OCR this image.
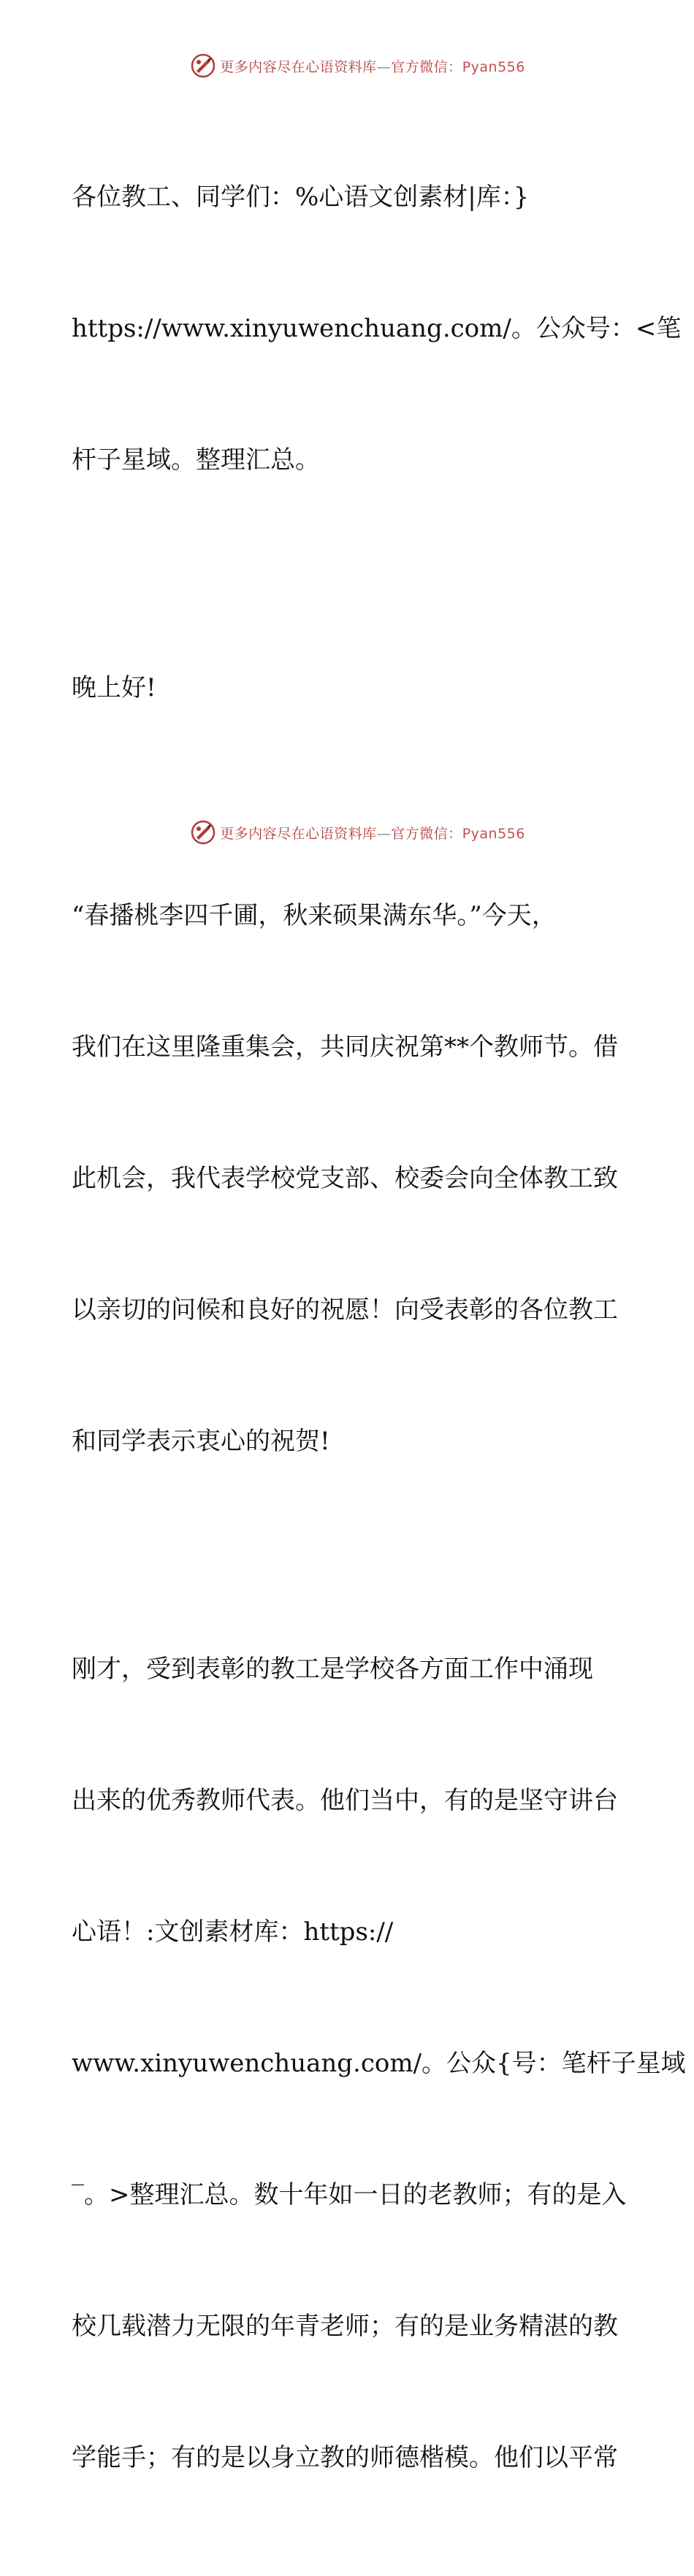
更多内容尽在心语资料库—官方微信：Pyan556

各位教工、同学们：%心语文创素材|库：}

https://www.xinyuwenchuang.com/。公众号：<笔

杆子星域。整理汇总。

晚上好!

“春播桃李四千圃，秋来硕果满东华。”今天，

我们在这里隆重集会，共同庆祝第**个教师节。借

此机会，我代表学校党支部、校委会向全体教工致

以亲切的问候和良好的祝愿！向受表彰的各位教工

和同学表示衷心的祝贺!

刚才，受到表彰的教工是学校各方面工作中涌现

出来的优秀教师代表。他们当中，有的是坚守讲台

心语！:文创素材库：https://

www.xinyuwenchuang.com/。公众{号：笔杆子星域

‾。>整理汇总。数十年如一日的老教师；有的是入

校几载潜力无限的年青老师；有的是业务精湛的教

学能手；有的是以身立教的师德楷模。他们以平常

更多内容尽在心语资料库—官方微信：Pyan556
